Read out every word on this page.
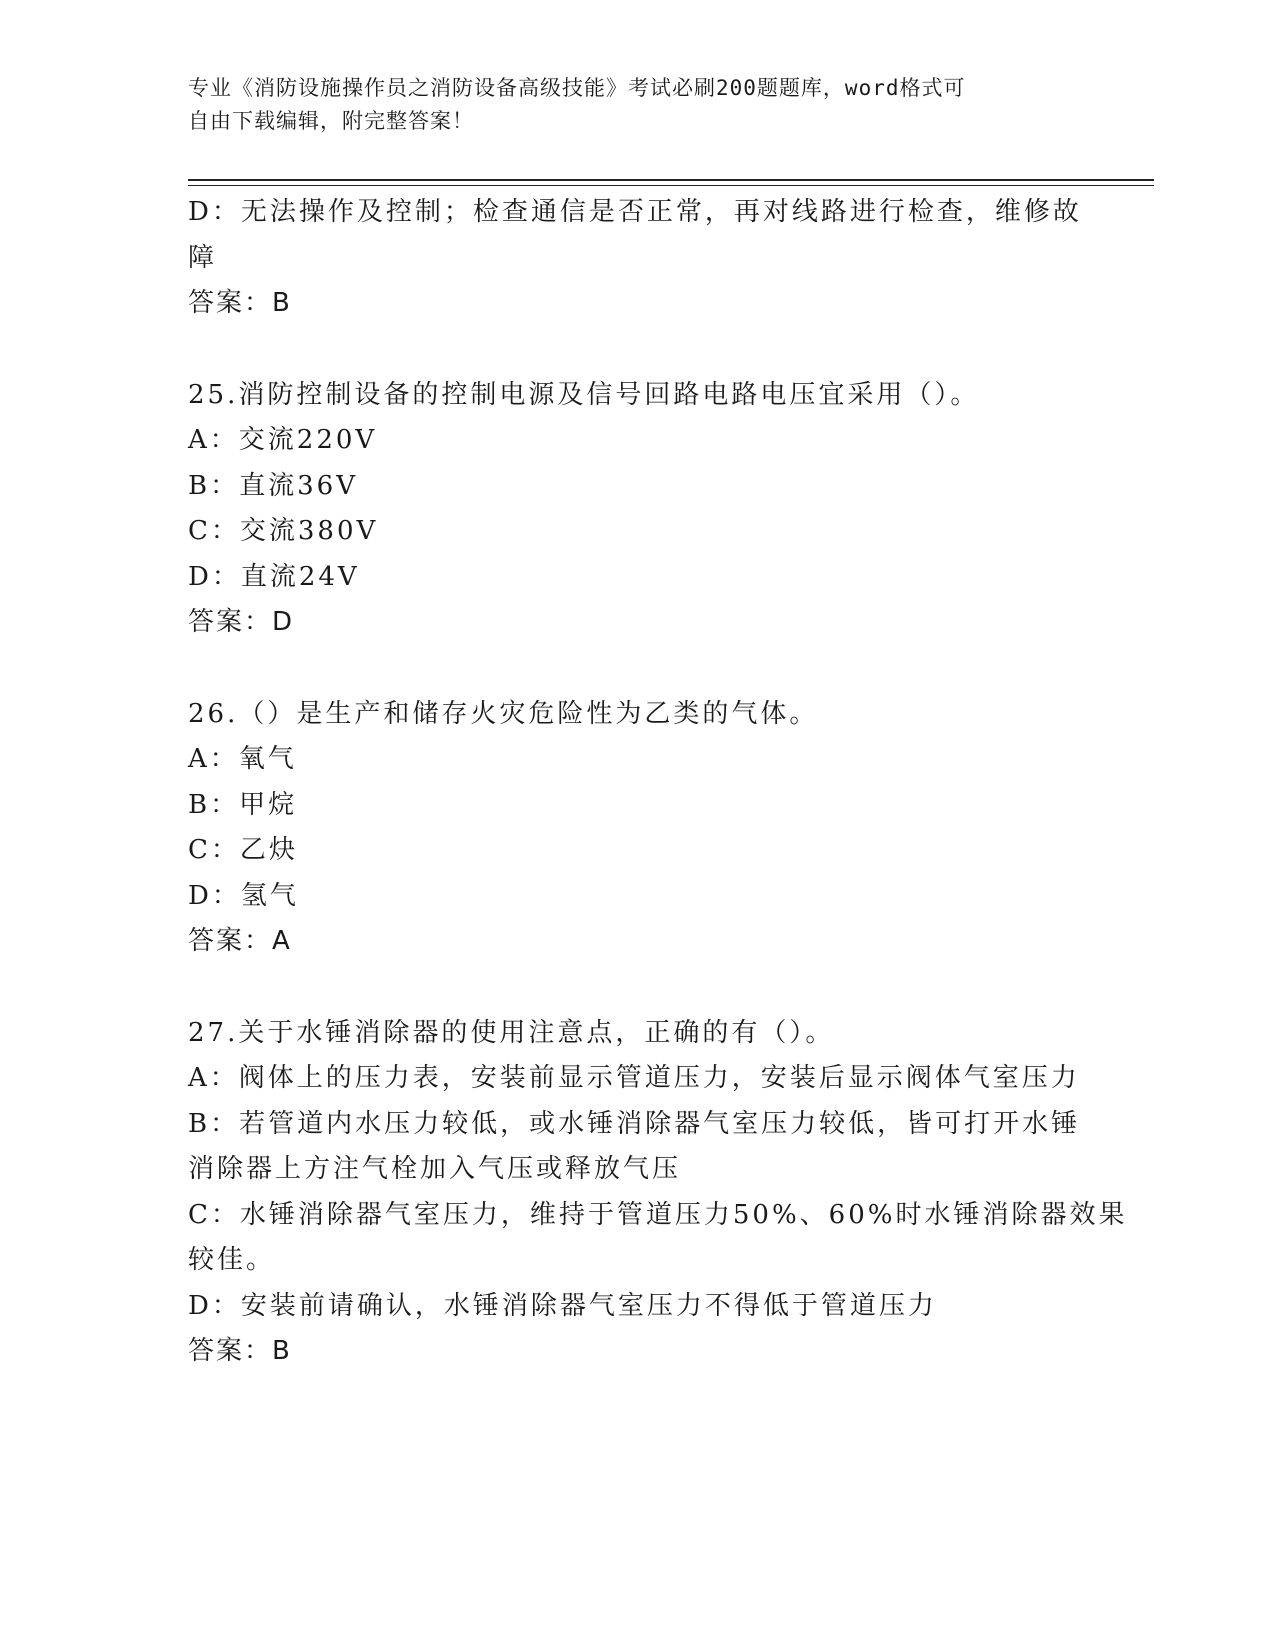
专业《消防设施操作员之消防设备高级技能》考试必刷200题题库，word格式可
自由下载编辑，附完整答案！
D：无法操作及控制；检查通信是否正常，再对线路进行检查，维修故
障
答案：B
25.消防控制设备的控制电源及信号回路电路电压宜采用（）。
A：交流220V
B：直流36V
C：交流380V
D：直流24V
答案：D
26.（）是生产和储存火灾危险性为乙类的气体。
A：氧气
B：甲烷
C：乙炔
D：氢气
答案：A
27.关于水锤消除器的使用注意点，正确的有（）。
A：阀体上的压力表，安装前显示管道压力，安装后显示阀体气室压力
B：若管道内水压力较低，或水锤消除器气室压力较低，皆可打开水锤
消除器上方注气栓加入气压或释放气压
C：水锤消除器气室压力，维持于管道压力50%、60%时水锤消除器效果
较佳。
D：安装前请确认，水锤消除器气室压力不得低于管道压力
答案：B
